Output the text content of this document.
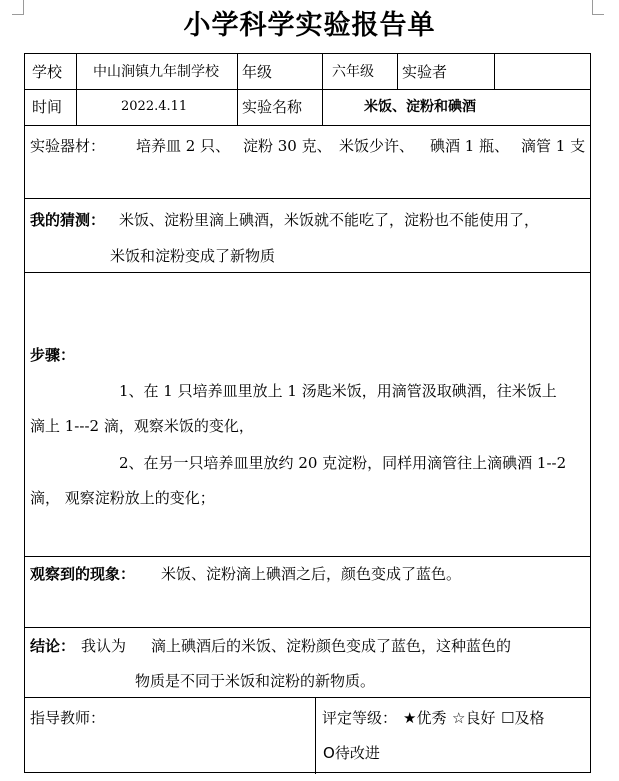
小学科学实验报告单
学校 中山涧镇九年制学校 年级	六年级 实验者
时间	2022.4.11	实验名称	米饭、淀粉和碘酒
实验器材： 培养皿 2 只、 淀粉 30 克、 米饭少许、 碘酒 1 瓶、 滴管 1 支
我的猜测： 米饭、淀粉里滴上碘酒，米饭就不能吃了，淀粉也不能使用了，
米饭和淀粉变成了新物质
步骤：
1、在 1 只培养皿里放上 1 汤匙米饭，用滴管汲取碘酒，往米饭上
滴上 1---2 滴，观察米饭的变化，
2、在另一只培养皿里放约 20 克淀粉，同样用滴管往上滴碘酒 1--2
滴， 观察淀粉放上的变化；
观察到的现象： 米饭、淀粉滴上碘酒之后，颜色变成了蓝色。
结论： 我认为 滴上碘酒后的米饭、淀粉颜色变成了蓝色，这种蓝色的
物质是不同于米饭和淀粉的新物质。
指导教师：	评定等级： ★优秀 ☆良好 ☐及格
O待改进
